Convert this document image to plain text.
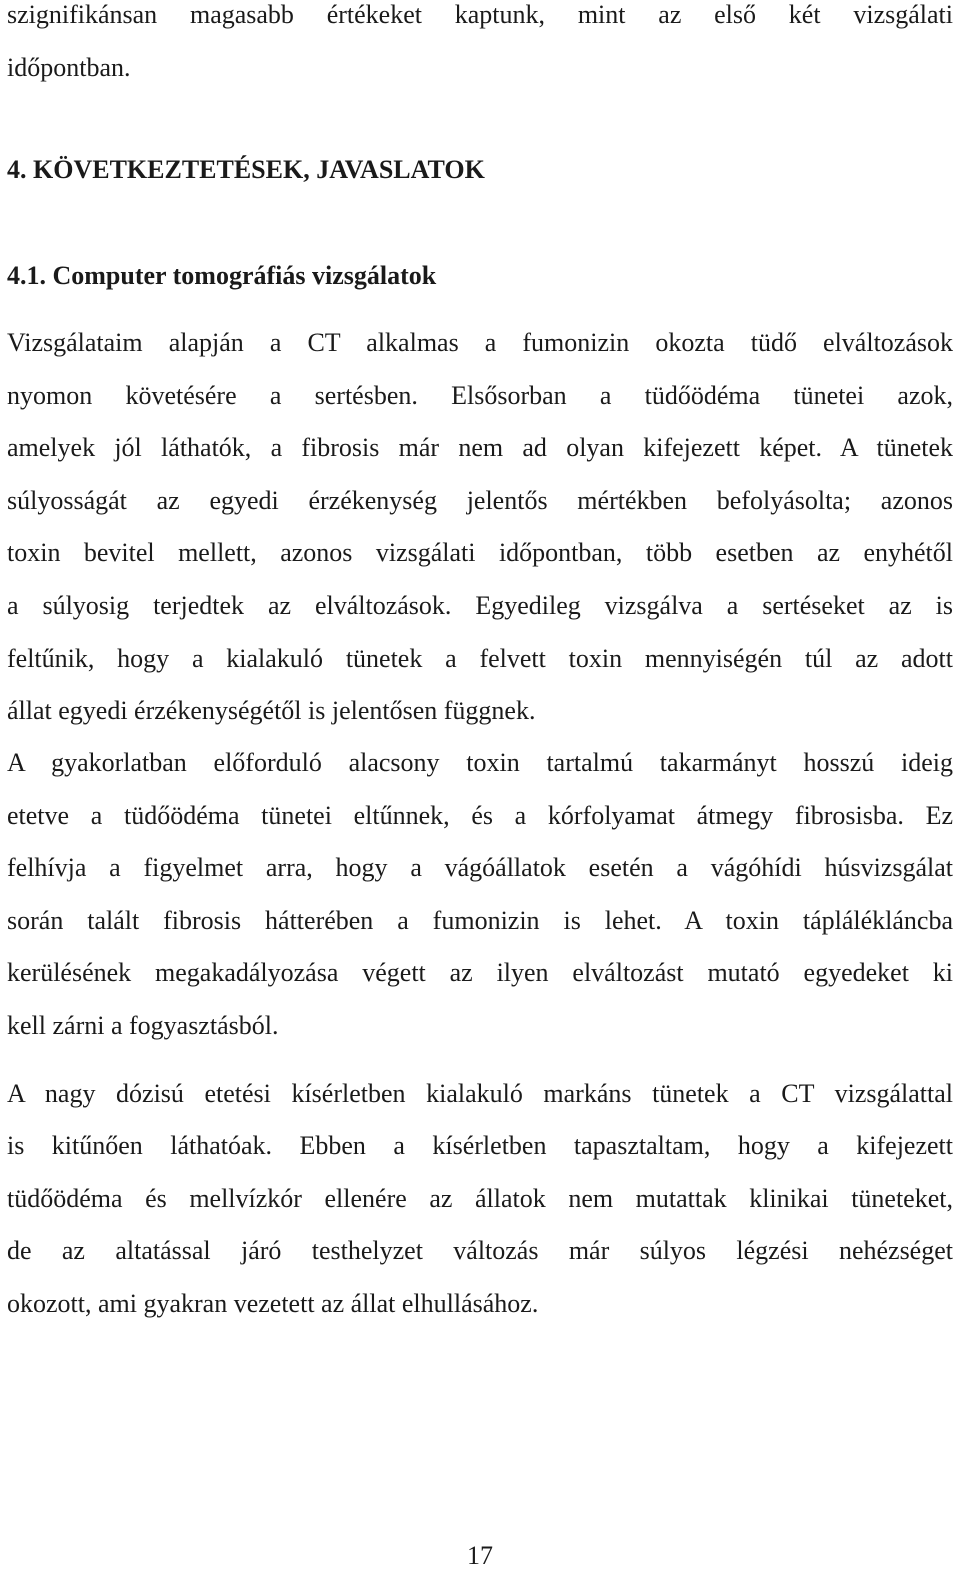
szignifikánsan magasabb értékeket kaptunk, mint az első két vizsgálati
időpontban.
4. KÖVETKEZTETÉSEK, JAVASLATOK
4.1. Computer tomográfiás vizsgálatok
Vizsgálataim alapján a CT alkalmas a fumonizin okozta tüdő elváltozások
nyomon követésére a sertésben. Elsősorban a tüdőödéma tünetei azok,
amelyek jól láthatók, a fibrosis már nem ad olyan kifejezett képet. A tünetek
súlyosságát az egyedi érzékenység jelentős mértékben befolyásolta; azonos
toxin bevitel mellett, azonos vizsgálati időpontban, több esetben az enyhétől
a súlyosig terjedtek az elváltozások. Egyedileg vizsgálva a sertéseket az is
feltűnik, hogy a kialakuló tünetek a felvett toxin mennyiségén túl az adott
állat egyedi érzékenységétől is jelentősen függnek.
A gyakorlatban előforduló alacsony toxin tartalmú takarmányt hosszú ideig
etetve a tüdőödéma tünetei eltűnnek, és a kórfolyamat átmegy fibrosisba. Ez
felhívja a figyelmet arra, hogy a vágóállatok esetén a vágóhídi húsvizsgálat
során talált fibrosis hátterében a fumonizin is lehet. A toxin táplálékláncba
kerülésének megakadályozása végett az ilyen elváltozást mutató egyedeket ki
kell zárni a fogyasztásból.
A nagy dózisú etetési kísérletben kialakuló markáns tünetek a CT vizsgálattal
is kitűnően láthatóak. Ebben a kísérletben tapasztaltam, hogy a kifejezett
tüdőödéma és mellvízkór ellenére az állatok nem mutattak klinikai tüneteket,
de az altatással járó testhelyzet változás már súlyos légzési nehézséget
okozott, ami gyakran vezetett az állat elhullásához.
17
